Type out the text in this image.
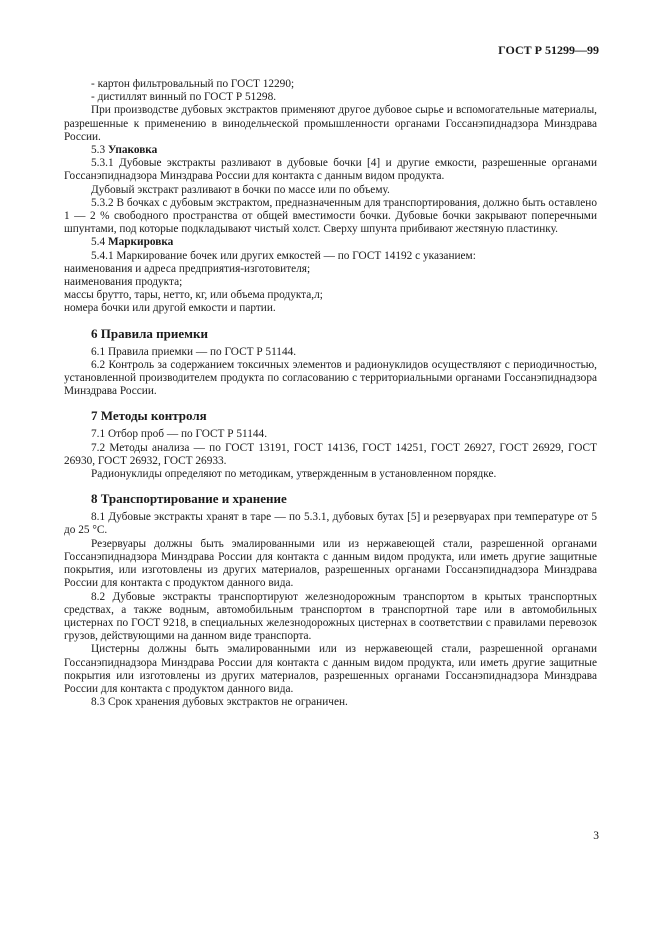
ГОСТ Р 51299—99

- картон фильтровальный по ГОСТ 12290;

- дистиллят винный по ГОСТ Р 51298.

При производстве дубовых экстрактов применяют другое дубовое сырье и вспомогательные материалы, разрешенные к применению в винодельческой промышленности органами Госсанэпиднадзора Минздрава России.

5.3 Упаковка

5.3.1 Дубовые экстракты разливают в дубовые бочки [4] и другие емкости, разрешенные органами Госсанэпиднадзора Минздрава России для контакта с данным видом продукта.

Дубовый экстракт разливают в бочки по массе или по объему.

5.3.2 В бочках с дубовым экстрактом, предназначенным для транспортирования, должно быть оставлено 1 — 2 % свободного пространства от общей вместимости бочки. Дубовые бочки закрывают поперечными шпунтами, под которые подкладывают чистый холст. Сверху шпунта прибивают жестяную пластинку.

5.4 Маркировка

5.4.1 Маркирование бочек или других емкостей — по ГОСТ 14192 с указанием:

наименования и адреса предприятия-изготовителя;

наименования продукта;

массы брутто, тары, нетто, кг, или объема продукта,л;

номера бочки или другой емкости и партии.

6 Правила приемки

6.1 Правила приемки — по ГОСТ Р 51144.

6.2 Контроль за содержанием токсичных элементов и радионуклидов осуществляют с периодичностью, установленной производителем продукта по согласованию с территориальными органами Госсанэпиднадзора Минздрава России.

7 Методы контроля

7.1 Отбор проб — по ГОСТ Р 51144.

7.2 Методы анализа — по ГОСТ 13191, ГОСТ 14136, ГОСТ 14251, ГОСТ 26927, ГОСТ 26929, ГОСТ 26930, ГОСТ 26932, ГОСТ 26933.

Радионуклиды определяют по методикам, утвержденным в установленном порядке.

8 Транспортирование и хранение

8.1 Дубовые экстракты хранят в таре — по 5.3.1, дубовых бутах [5] и резервуарах при температуре от 5 до 25 °С.

Резервуары должны быть эмалированными или из нержавеющей стали, разрешенной органами Госсанэпиднадзора Минздрава России для контакта с данным видом продукта, или иметь другие защитные покрытия, или изготовлены из других материалов, разрешенных органами Госсанэпиднадзора Минздрава России для контакта с продуктом данного вида.

8.2 Дубовые экстракты транспортируют железнодорожным транспортом в крытых транспортных средствах, а также водным, автомобильным транспортом в транспортной таре или в автомобильных цистернах по ГОСТ 9218, в специальных железнодорожных цистернах в соответствии с правилами перевозок грузов, действующими на данном виде транспорта.

Цистерны должны быть эмалированными или из нержавеющей стали, разрешенной органами Госсанэпиднадзора Минздрава России для контакта с данным видом продукта, или иметь другие защитные покрытия или изготовлены из других материалов, разрешенных органами Госсанэпиднадзора Минздрава России для контакта с продуктом данного вида.

8.3 Срок хранения дубовых экстрактов не ограничен.

3
